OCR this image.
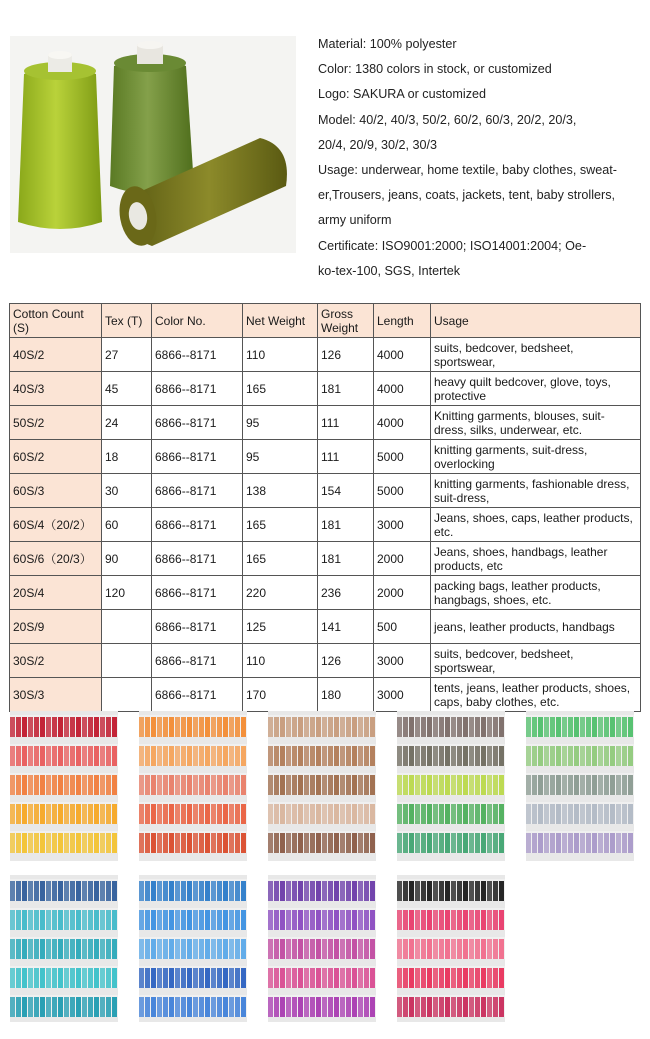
Material: 100% polyester
Color: 1380 colors in stock, or customized
Logo: SAKURA or customized
Model: 40/2, 40/3, 50/2, 60/2, 60/3, 20/2, 20/3,
20/4, 20/9, 30/2, 30/3
Usage: underwear, home textile, baby clothes, sweat-
er,Trousers, jeans, coats, jackets, tent, baby strollers,
army uniform
Certificate: ISO9001:2000; ISO14001:2004; Oe-
ko-tex-100, SGS, Intertek
Cotton Count (S)	Tex (T)	Color No.	Net Weight	Gross Weight	Length	Usage
40S/2	27	6866--8171	110	126	4000	suits, bedcover, bedsheet, sportswear,
40S/3	45	6866--8171	165	181	4000	heavy quilt bedcover, glove, toys, protective
50S/2	24	6866--8171	95	111	4000	Knitting garments, blouses, suit-dress, silks, underwear, etc.
60S/2	18	6866--8171	95	111	5000	knitting garments, suit-dress, overlocking
60S/3	30	6866--8171	138	154	5000	knitting garments, fashionable dress, suit-dress,
60S/4（20/2）	60	6866--8171	165	181	3000	Jeans, shoes, caps, leather products, etc.
60S/6（20/3）	90	6866--8171	165	181	2000	Jeans, shoes, handbags, leather products, etc
20S/4	120	6866--8171	220	236	2000	packing bags, leather products, hangbags, shoes, etc.
20S/9		6866--8171	125	141	500	jeans, leather products, handbags
30S/2		6866--8171	110	126	3000	suits, bedcover, bedsheet, sportswear,
30S/3		6866--8171	170	180	3000	tents, jeans, leather products, shoes, caps, baby clothes, etc.
